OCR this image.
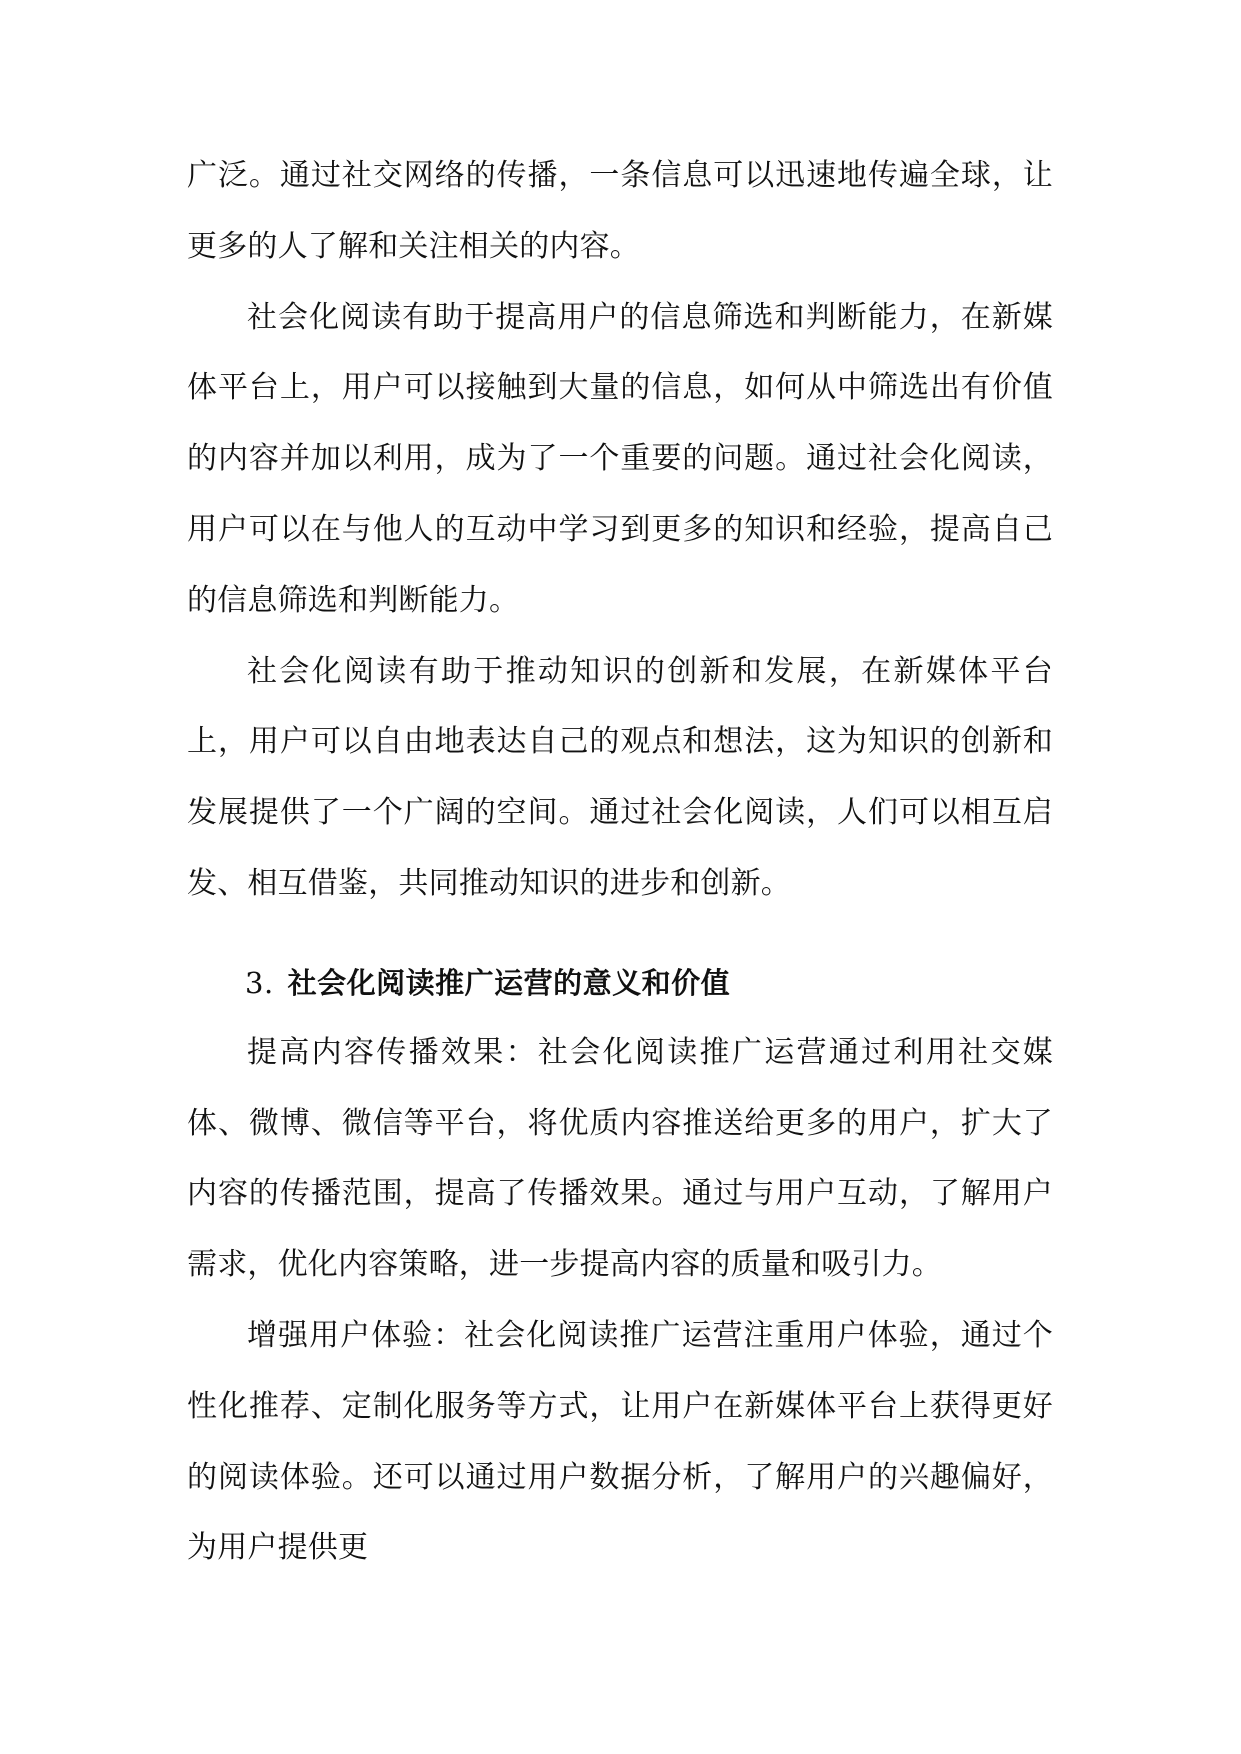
广泛。通过社交网络的传播，一条信息可以迅速地传遍全球，让更多的人了解和关注相关的内容。

社会化阅读有助于提高用户的信息筛选和判断能力，在新媒体平台上，用户可以接触到大量的信息，如何从中筛选出有价值的内容并加以利用，成为了一个重要的问题。通过社会化阅读，用户可以在与他人的互动中学习到更多的知识和经验，提高自己的信息筛选和判断能力。

社会化阅读有助于推动知识的创新和发展，在新媒体平台上，用户可以自由地表达自己的观点和想法，这为知识的创新和发展提供了一个广阔的空间。通过社会化阅读，人们可以相互启发、相互借鉴，共同推动知识的进步和创新。

3. 社会化阅读推广运营的意义和价值

提高内容传播效果：社会化阅读推广运营通过利用社交媒体、微博、微信等平台，将优质内容推送给更多的用户，扩大了内容的传播范围，提高了传播效果。通过与用户互动，了解用户需求，优化内容策略，进一步提高内容的质量和吸引力。

增强用户体验：社会化阅读推广运营注重用户体验，通过个性化推荐、定制化服务等方式，让用户在新媒体平台上获得更好的阅读体验。还可以通过用户数据分析，了解用户的兴趣偏好，为用户提供更
